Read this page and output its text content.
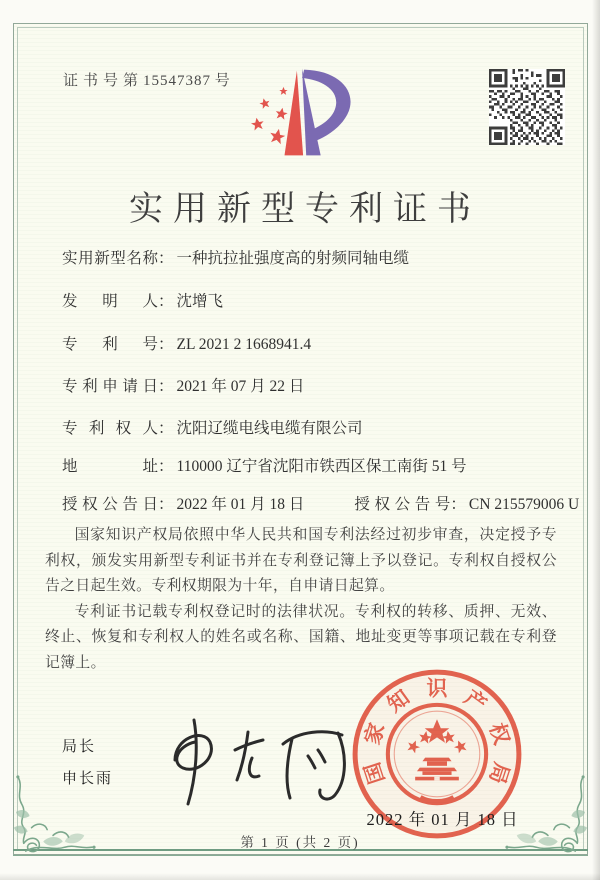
证书号第15547387 号
实用新型专利证书
实用新型名称： 一种抗拉扯强度高的射频同轴电缆
发明人： 沈增飞
专利号： ZL 2021 2 1668941.4
专利申请日： 2021 年 07 月 22 日
专利权人： 沈阳辽缆电线电缆有限公司
地址： 110000 辽宁省沈阳市铁西区保工南街 51 号
授权公告日： 2022 年 01 月 18 日	授权公告号： CN 215579006 U

国家知识产权局依照中华人民共和国专利法经过初步审查，决定授予专利权，颁发实用新型专利证书并在专利登记簿上予以登记。专利权自授权公告之日起生效。专利权期限为十年，自申请日起算。

专利证书记载专利权登记时的法律状况。专利权的转移、质押、无效、终止、恢复和专利权人的姓名或名称、国籍、地址变更等事项记载在专利登记簿上。

局长
申长雨	国
家
知 识 产
权
局
2022 年 01 月 18 日
第 1 页 (共 2 页)
